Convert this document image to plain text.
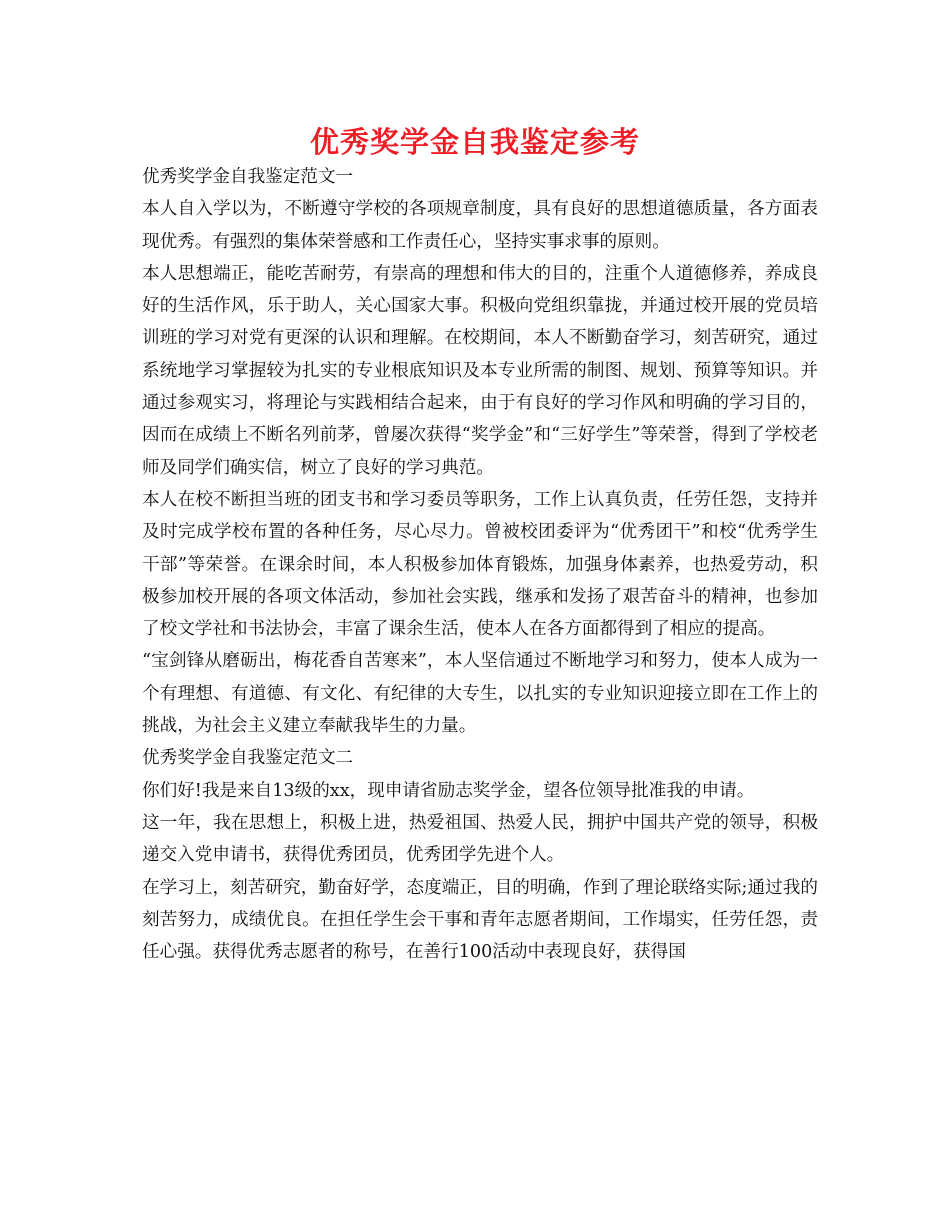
优秀奖学金自我鉴定参考

优秀奖学金自我鉴定范文一

本人自入学以为，不断遵守学校的各项规章制度，具有良好的思想道德质量，各方面表现优秀。有强烈的集体荣誉感和工作责任心，坚持实事求事的原则。

本人思想端正，能吃苦耐劳，有崇高的理想和伟大的目的，注重个人道德修养，养成良好的生活作风，乐于助人，关心国家大事。积极向党组织靠拢，并通过校开展的党员培训班的学习对党有更深的认识和理解。在校期间，本人不断勤奋学习，刻苦研究，通过系统地学习掌握较为扎实的专业根底知识及本专业所需的制图、规划、预算等知识。并通过参观实习，将理论与实践相结合起来，由于有良好的学习作风和明确的学习目的，因而在成绩上不断名列前茅，曾屡次获得“奖学金”和“三好学生”等荣誉，得到了学校老师及同学们确实信，树立了良好的学习典范。

本人在校不断担当班的团支书和学习委员等职务，工作上认真负责，任劳任怨，支持并及时完成学校布置的各种任务，尽心尽力。曾被校团委评为“优秀团干”和校“优秀学生干部”等荣誉。在课余时间，本人积极参加体育锻炼，加强身体素养，也热爱劳动，积极参加校开展的各项文体活动，参加社会实践，继承和发扬了艰苦奋斗的精神，也参加了校文学社和书法协会，丰富了课余生活，使本人在各方面都得到了相应的提高。

“宝剑锋从磨砺出，梅花香自苦寒来”，本人坚信通过不断地学习和努力，使本人成为一个有理想、有道德、有文化、有纪律的大专生，以扎实的专业知识迎接立即在工作上的挑战，为社会主义建立奉献我毕生的力量。

优秀奖学金自我鉴定范文二

你们好!我是来自13级的xx，现申请省励志奖学金，望各位领导批准我的申请。

这一年，我在思想上，积极上进，热爱祖国、热爱人民，拥护中国共产党的领导，积极递交入党申请书，获得优秀团员，优秀团学先进个人。

在学习上，刻苦研究，勤奋好学，态度端正，目的明确，作到了理论联络实际;通过我的刻苦努力，成绩优良。在担任学生会干事和青年志愿者期间，工作塌实，任劳任怨，责任心强。获得优秀志愿者的称号，在善行100活动中表现良好，获得国
